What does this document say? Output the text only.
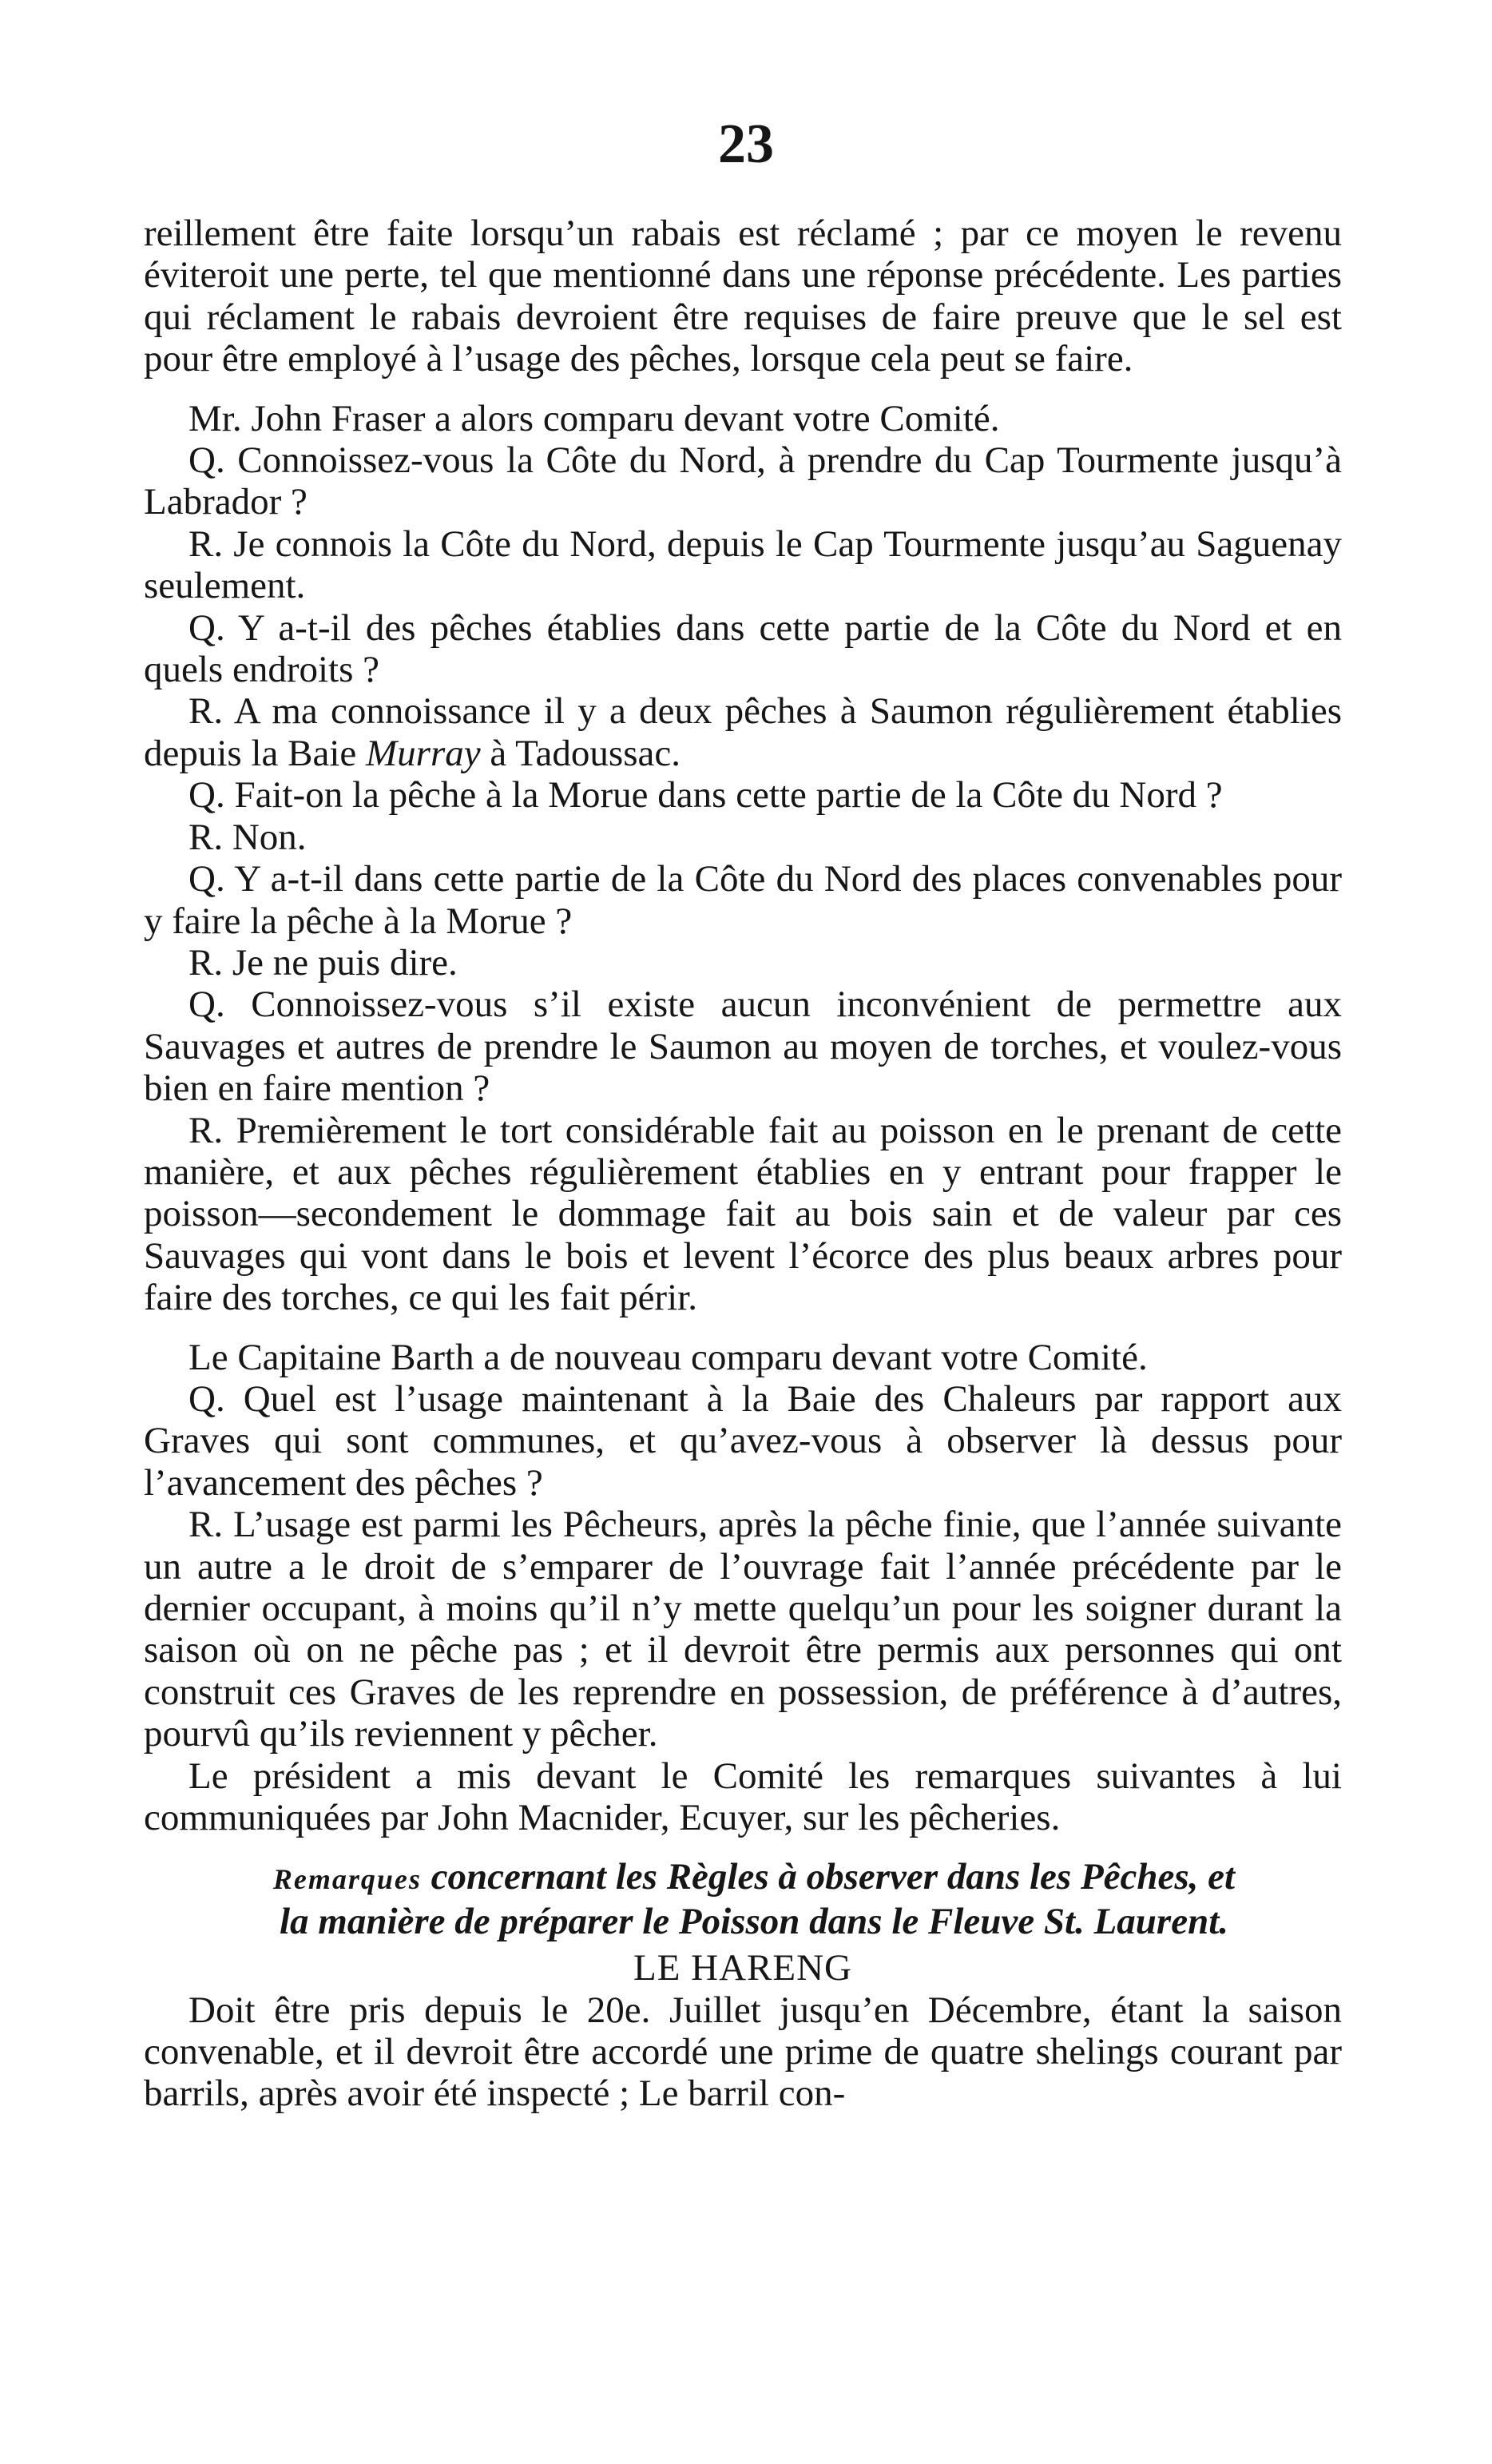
23

reillement être faite lorsqu’un rabais est réclamé ; par ce moyen le revenu éviteroit une perte, tel que mentionné dans une réponse précédente. Les parties qui réclament le rabais devroient être requises de faire preuve que le sel est pour être employé à l’usage des pêches, lorsque cela peut se faire.

Mr. John Fraser a alors comparu devant votre Comité.

Q. Connoissez-vous la Côte du Nord, à prendre du Cap Tourmente jusqu’à Labrador ?

R. Je connois la Côte du Nord, depuis le Cap Tourmente jusqu’au Saguenay seulement.

Q. Y a-t-il des pêches établies dans cette partie de la Côte du Nord et en quels endroits ?

R. A ma connoissance il y a deux pêches à Saumon régulièrement établies depuis la Baie Murray à Tadoussac.

Q. Fait-on la pêche à la Morue dans cette partie de la Côte du Nord ?

R. Non.

Q. Y a-t-il dans cette partie de la Côte du Nord des places convenables pour y faire la pêche à la Morue ?

R. Je ne puis dire.

Q. Connoissez-vous s’il existe aucun inconvénient de permettre aux Sauvages et autres de prendre le Saumon au moyen de torches, et voulez-vous bien en faire mention ?

R. Premièrement le tort considérable fait au poisson en le prenant de cette manière, et aux pêches régulièrement établies en y entrant pour frapper le poisson—secondement le dommage fait au bois sain et de valeur par ces Sauvages qui vont dans le bois et levent l’écorce des plus beaux arbres pour faire des torches, ce qui les fait périr.

Le Capitaine Barth a de nouveau comparu devant votre Comité.

Q. Quel est l’usage maintenant à la Baie des Chaleurs par rapport aux Graves qui sont communes, et qu’avez-vous à observer là dessus pour l’avancement des pêches ?

R. L’usage est parmi les Pêcheurs, après la pêche finie, que l’année suivante un autre a le droit de s’emparer de l’ouvrage fait l’année précédente par le dernier occupant, à moins qu’il n’y mette quelqu’un pour les soigner durant la saison où on ne pêche pas ; et il devroit être permis aux personnes qui ont construit ces Graves de les reprendre en possession, de préférence à d’autres, pourvû qu’ils reviennent y pêcher.

Le président a mis devant le Comité les remarques suivantes à lui communiquées par John Macnider, Ecuyer, sur les pêcheries.

Remarques concernant les Règles à observer dans les Pêches, et
la manière de préparer le Poisson dans le Fleuve St. Laurent.
LE HARENG

Doit être pris depuis le 20e. Juillet jusqu’en Décembre, étant la saison convenable, et il devroit être accordé une prime de quatre shelings courant par barrils, après avoir été inspecté ; Le barril con-
